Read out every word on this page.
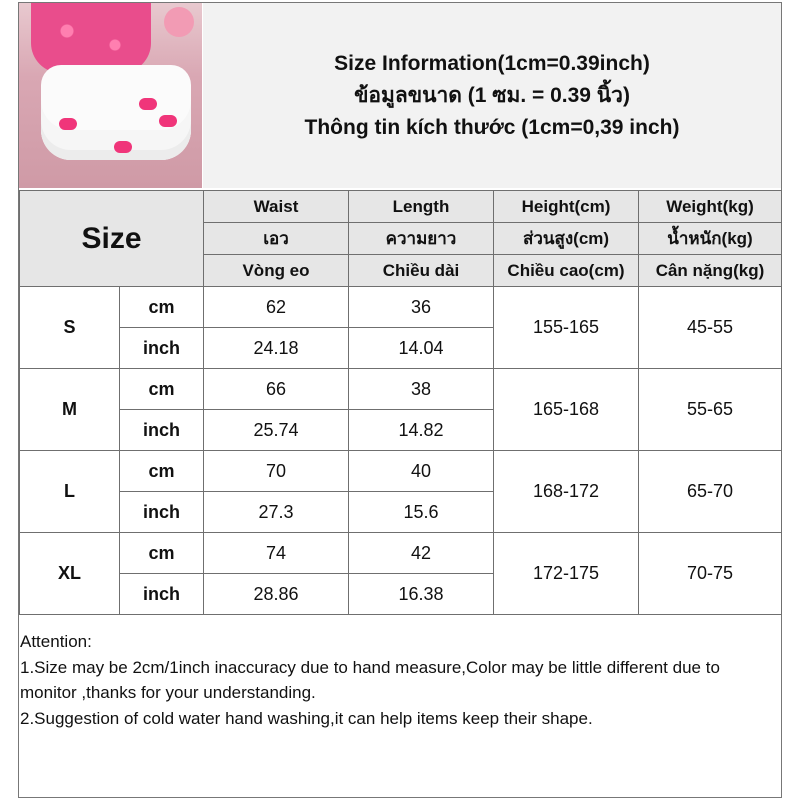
Size Information(1cm=0.39inch)
ข้อมูลขนาด (1 ซม. = 0.39 นิ้ว)
Thông tin kích thước (1cm=0,39 inch)
Size		Waist	Length	Height(cm)	Weight(kg)
		เอว	ความยาว	ส่วนสูง(cm)	น้ำหนัก(kg)
		Vòng eo	Chiều dài	Chiều cao(cm)	Cân nặng(kg)
S	cm	62	36	155-165	45-55
	inch	24.18	14.04		
M	cm	66	38	165-168	55-65
	inch	25.74	14.82		
L	cm	70	40	168-172	65-70
	inch	27.3	15.6		
XL	cm	74	42	172-175	70-75
	inch	28.86	16.38		
Attention:
1.Size may be 2cm/1inch inaccuracy due to hand measure,Color may be little different due to monitor ,thanks for your understanding.
2.Suggestion of cold water hand washing,it can help items keep their shape.
